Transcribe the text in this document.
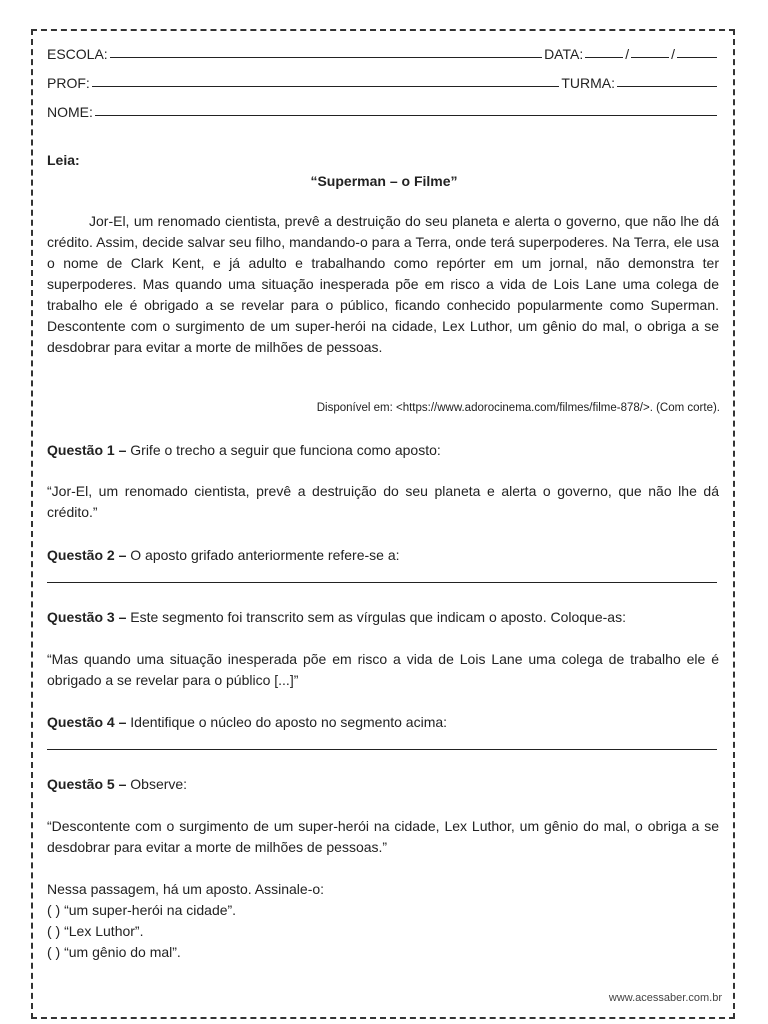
ESCOLA:	DATA:	/	/
PROF:	TURMA:
NOME:
Leia:
“Superman – o Filme”
Jor-El, um renomado cientista, prevê a destruição do seu planeta e alerta o governo, que não lhe dá crédito. Assim, decide salvar seu filho, mandando-o para a Terra, onde terá superpoderes. Na Terra, ele usa o nome de Clark Kent, e já adulto e trabalhando como repórter em um jornal, não demonstra ter superpoderes. Mas quando uma situação inesperada põe em risco a vida de Lois Lane uma colega de trabalho ele é obrigado a se revelar para o público, ficando conhecido popularmente como Superman. Descontente com o surgimento de um super-herói na cidade, Lex Luthor, um gênio do mal, o obriga a se desdobrar para evitar a morte de milhões de pessoas.
Disponível em: <https://www.adorocinema.com/filmes/filme-878/>. (Com corte).
Questão 1 – Grife o trecho a seguir que funciona como aposto:
“Jor-El, um renomado cientista, prevê a destruição do seu planeta e alerta o governo, que não lhe dá crédito.”
Questão 2 – O aposto grifado anteriormente refere-se a:
Questão 3 – Este segmento foi transcrito sem as vírgulas que indicam o aposto. Coloque-as:
“Mas quando uma situação inesperada põe em risco a vida de Lois Lane uma colega de trabalho ele é obrigado a se revelar para o público [...]”
Questão 4 – Identifique o núcleo do aposto no segmento acima:
Questão 5 – Observe:
“Descontente com o surgimento de um super-herói na cidade, Lex Luthor, um gênio do mal, o obriga a se desdobrar para evitar a morte de milhões de pessoas.”
Nessa passagem, há um aposto. Assinale-o:
( ) “um super-herói na cidade”.
( ) “Lex Luthor”.
( ) “um gênio do mal”.
www.acessaber.com.br
